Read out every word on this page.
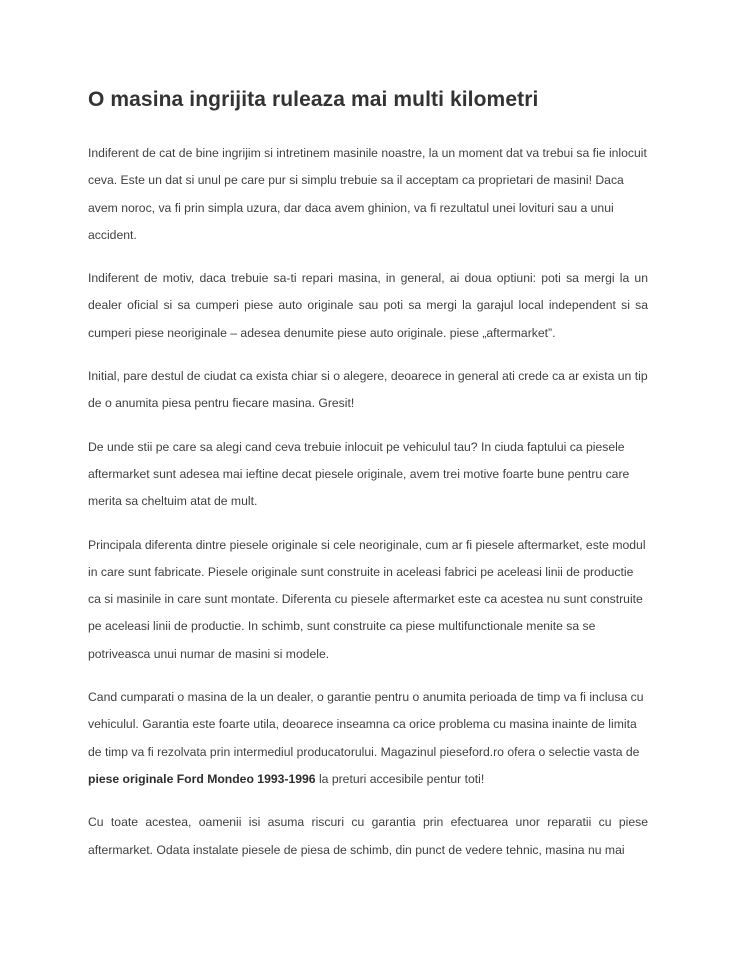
O masina ingrijita ruleaza mai multi kilometri

Indiferent de cat de bine ingrijim si intretinem masinile noastre, la un moment dat va trebui sa fie inlocuit ceva. Este un dat si unul pe care pur si simplu trebuie sa il acceptam ca proprietari de masini! Daca avem noroc, va fi prin simpla uzura, dar daca avem ghinion, va fi rezultatul unei lovituri sau a unui accident.

Indiferent de motiv, daca trebuie sa-ti repari masina, in general, ai doua optiuni: poti sa mergi la un dealer oficial si sa cumperi piese auto originale sau poti sa mergi la garajul local independent si sa cumperi piese neoriginale – adesea denumite piese auto originale. piese „aftermarket”.

Initial, pare destul de ciudat ca exista chiar si o alegere, deoarece in general ati crede ca ar exista un tip de o anumita piesa pentru fiecare masina. Gresit!

De unde stii pe care sa alegi cand ceva trebuie inlocuit pe vehiculul tau? In ciuda faptului ca piesele aftermarket sunt adesea mai ieftine decat piesele originale, avem trei motive foarte bune pentru care merita sa cheltuim atat de mult.

Principala diferenta dintre piesele originale si cele neoriginale, cum ar fi piesele aftermarket, este modul in care sunt fabricate. Piesele originale sunt construite in aceleasi fabrici pe aceleasi linii de productie ca si masinile in care sunt montate. Diferenta cu piesele aftermarket este ca acestea nu sunt construite pe aceleasi linii de productie. In schimb, sunt construite ca piese multifunctionale menite sa se potriveasca unui numar de masini si modele.

Cand cumparati o masina de la un dealer, o garantie pentru o anumita perioada de timp va fi inclusa cu vehiculul. Garantia este foarte utila, deoarece inseamna ca orice problema cu masina inainte de limita de timp va fi rezolvata prin intermediul producatorului. Magazinul pieseford.ro ofera o selectie vasta de piese originale Ford Mondeo 1993-1996 la preturi accesibile pentur toti!

Cu toate acestea, oamenii isi asuma riscuri cu garantia prin efectuarea unor reparatii cu piese aftermarket. Odata instalate piesele de piesa de schimb, din punct de vedere tehnic, masina nu mai
